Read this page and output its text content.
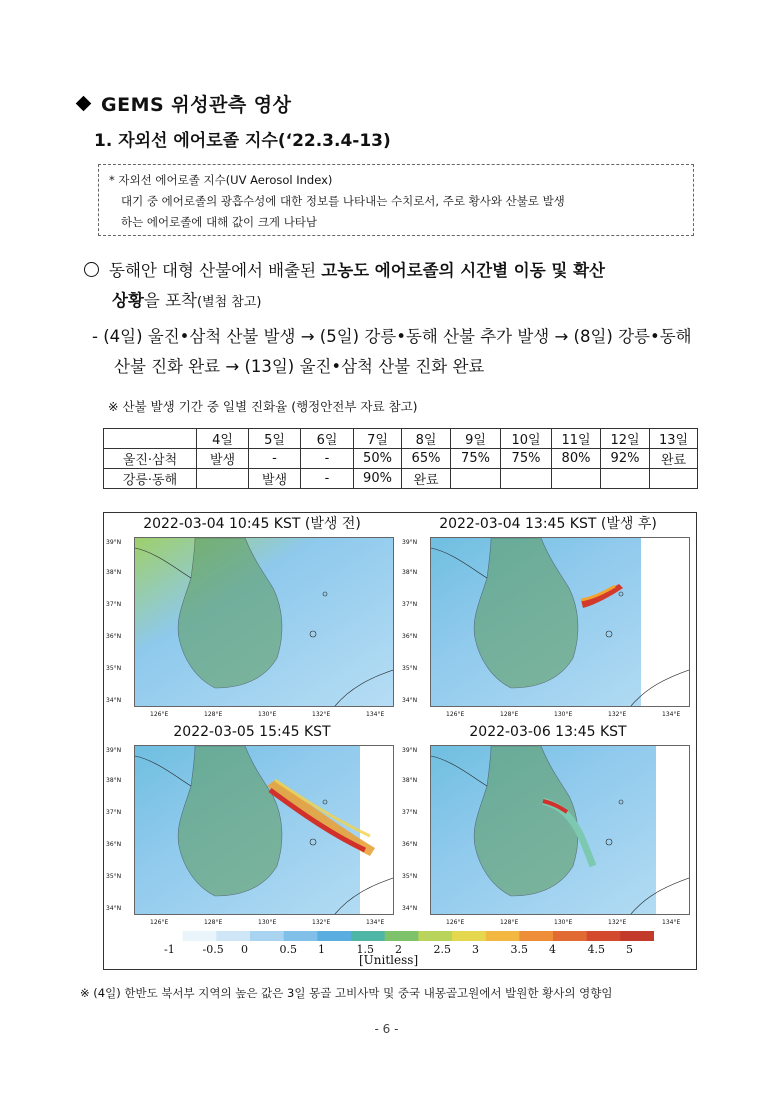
GEMS 위성관측 영상
1. 자외선 에어로졸 지수(‘22.3.4-13)
* 자외선 에어로졸 지수(UV Aerosol Index)
대기 중 에어로졸의 광흡수성에 대한 정보를 나타내는 수치로서, 주로 황사와 산불로 발생
하는 에어로졸에 대해 값이 크게 나타남
동해안 대형 산불에서 배출된 고농도 에어로졸의 시간별 이동 및 확산
상황을 포착(별첨 참고)
- (4일) 울진•삼척 산불 발생 → (5일) 강릉•동해 산불 추가 발생 → (8일) 강릉•동해
산불 진화 완료 → (13일) 울진•삼척 산불 진화 완료
※ 산불 발생 기간 중 일별 진화율 (행정안전부 자료 참고)
	4일	5일	6일	7일	8일	9일	10일	11일	12일	13일
울진·삼척	발생	-	-	50%	65%	75%	75%	80%	92%	완료
강릉·동해		발생	-	90%	완료					
2022-03-04 10:45 KST (발생 전)
39°N
38°N
37°N
36°N
35°N
34°N
126°E	128°E	130°E	132°E	134°E
2022-03-04 13:45 KST (발생 후)
39°N
38°N
37°N
36°N
35°N
34°N
126°E	128°E	130°E	132°E	134°E
2022-03-05 15:45 KST
39°N
38°N
37°N
36°N
35°N
34°N
126°E	128°E	130°E	132°E	134°E
2022-03-06 13:45 KST
39°N
38°N
37°N
36°N
35°N
34°N
126°E	128°E	130°E	132°E	134°E
-1	-0.5 0	0.5 1	1.5 2	2.5 3	3.5 4	4.5 5
[Unitless]
※ (4일) 한반도 북서부 지역의 높은 값은 3일 몽골 고비사막 및 중국 내몽골고원에서 발원한 황사의 영향임
- 6 -
